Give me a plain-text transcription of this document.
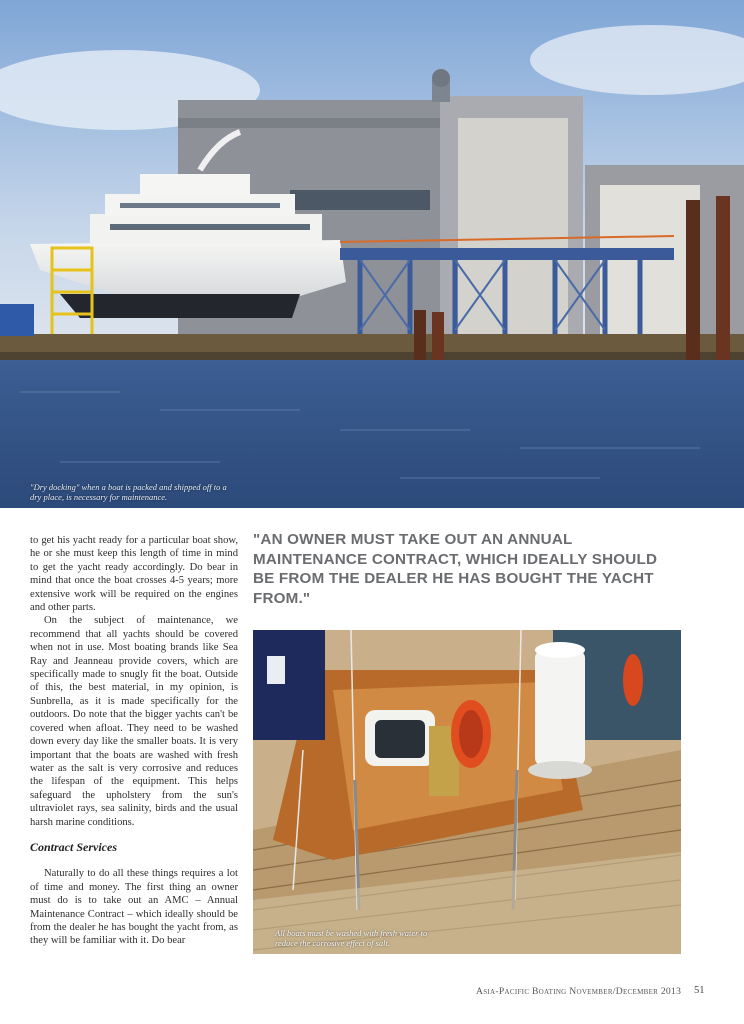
"Dry docking" when a boat is packed and shipped off to a dry place, is necessary for maintenance.

to get his yacht ready for a particular boat show, he or she must keep this length of time in mind to get the yacht ready accordingly. Do bear in mind that once the boat crosses 4-5 years; more extensive work will be required on the engines and other parts.

On the subject of maintenance, we recommend that all yachts should be covered when not in use. Most boating brands like Sea Ray and Jeanneau provide covers, which are specifically made to snugly fit the boat. Outside of this, the best material, in my opinion, is Sunbrella, as it is made specifically for the outdoors. Do note that the bigger yachts can't be covered when afloat. They need to be washed down every day like the smaller boats. It is very important that the boats are washed with fresh water as the salt is very corrosive and reduces the lifespan of the equipment. This helps safeguard the upholstery from the sun's ultraviolet rays, sea salinity, birds and the usual harsh marine conditions.

Contract Services

Naturally to do all these things requires a lot of time and money. The first thing an owner must do is to take out an AMC – Annual Maintenance Contract – which ideally should be from the dealer he has bought the yacht from, as they will be familiar with it. Do bear

"AN OWNER MUST TAKE OUT AN ANNUAL MAINTENANCE CONTRACT, WHICH IDEALLY SHOULD BE FROM THE DEALER HE HAS BOUGHT THE YACHT FROM."
All boats must be washed with fresh water to reduce the corrosive effect of salt.
Asia-Pacific Boating November/December 2013	51
